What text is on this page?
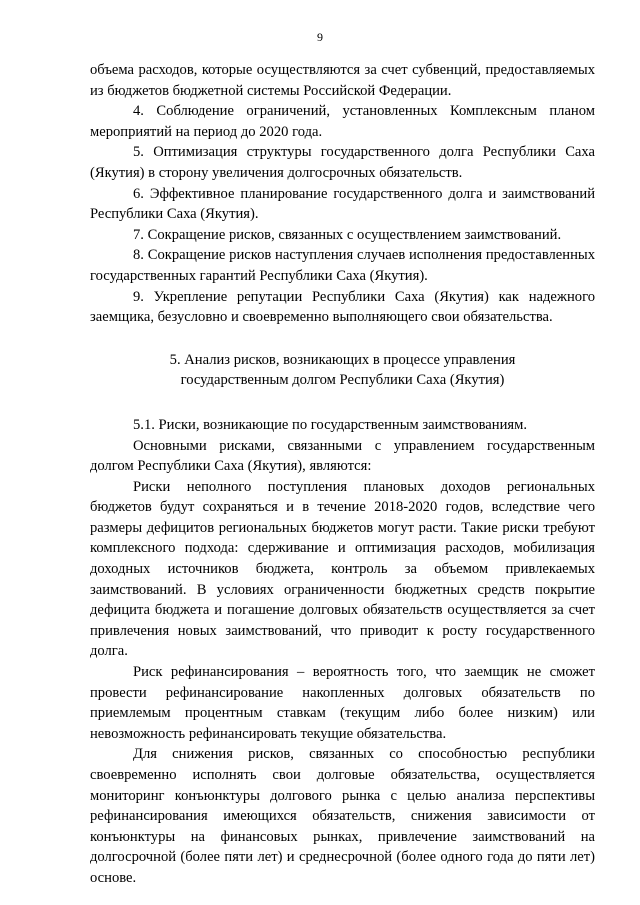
9

объема расходов, которые осуществляются за счет субвенций, предоставляемых из бюджетов бюджетной системы Российской Федерации.

4. Соблюдение ограничений, установленных Комплексным планом мероприятий на период до 2020 года.

5. Оптимизация структуры государственного долга Республики Саха (Якутия) в сторону увеличения долгосрочных обязательств.

6. Эффективное планирование государственного долга и заимствований Республики Саха (Якутия).

7. Сокращение рисков, связанных с осуществлением заимствований.

8. Сокращение рисков наступления случаев исполнения предоставленных государственных гарантий Республики Саха (Якутия).

9. Укрепление репутации Республики Саха (Якутия) как надежного заемщика, безусловно и своевременно выполняющего свои обязательства.

5. Анализ рисков, возникающих в процессе управления
государственным долгом Республики Саха (Якутия)

5.1. Риски, возникающие по государственным заимствованиям.

Основными рисками, связанными с управлением государственным долгом Республики Саха (Якутия), являются:

Риски неполного поступления плановых доходов региональных бюджетов будут сохраняться и в течение 2018-2020 годов, вследствие чего размеры дефицитов региональных бюджетов могут расти. Такие риски требуют комплексного подхода: сдерживание и оптимизация расходов, мобилизация доходных источников бюджета, контроль за объемом привлекаемых заимствований. В условиях ограниченности бюджетных средств покрытие дефицита бюджета и погашение долговых обязательств осуществляется за счет привлечения новых заимствований, что приводит к росту государственного долга.

Риск рефинансирования – вероятность того, что заемщик не сможет провести рефинансирование накопленных долговых обязательств по приемлемым процентным ставкам (текущим либо более низким) или невозможность рефинансировать текущие обязательства.

Для снижения рисков, связанных со способностью республики своевременно исполнять свои долговые обязательства, осуществляется мониторинг конъюнктуры долгового рынка с целью анализа перспективы рефинансирования имеющихся обязательств, снижения зависимости от конъюнктуры на финансовых рынках, привлечение заимствований на долгосрочной (более пяти лет) и среднесрочной (более одного года до пяти лет) основе.
